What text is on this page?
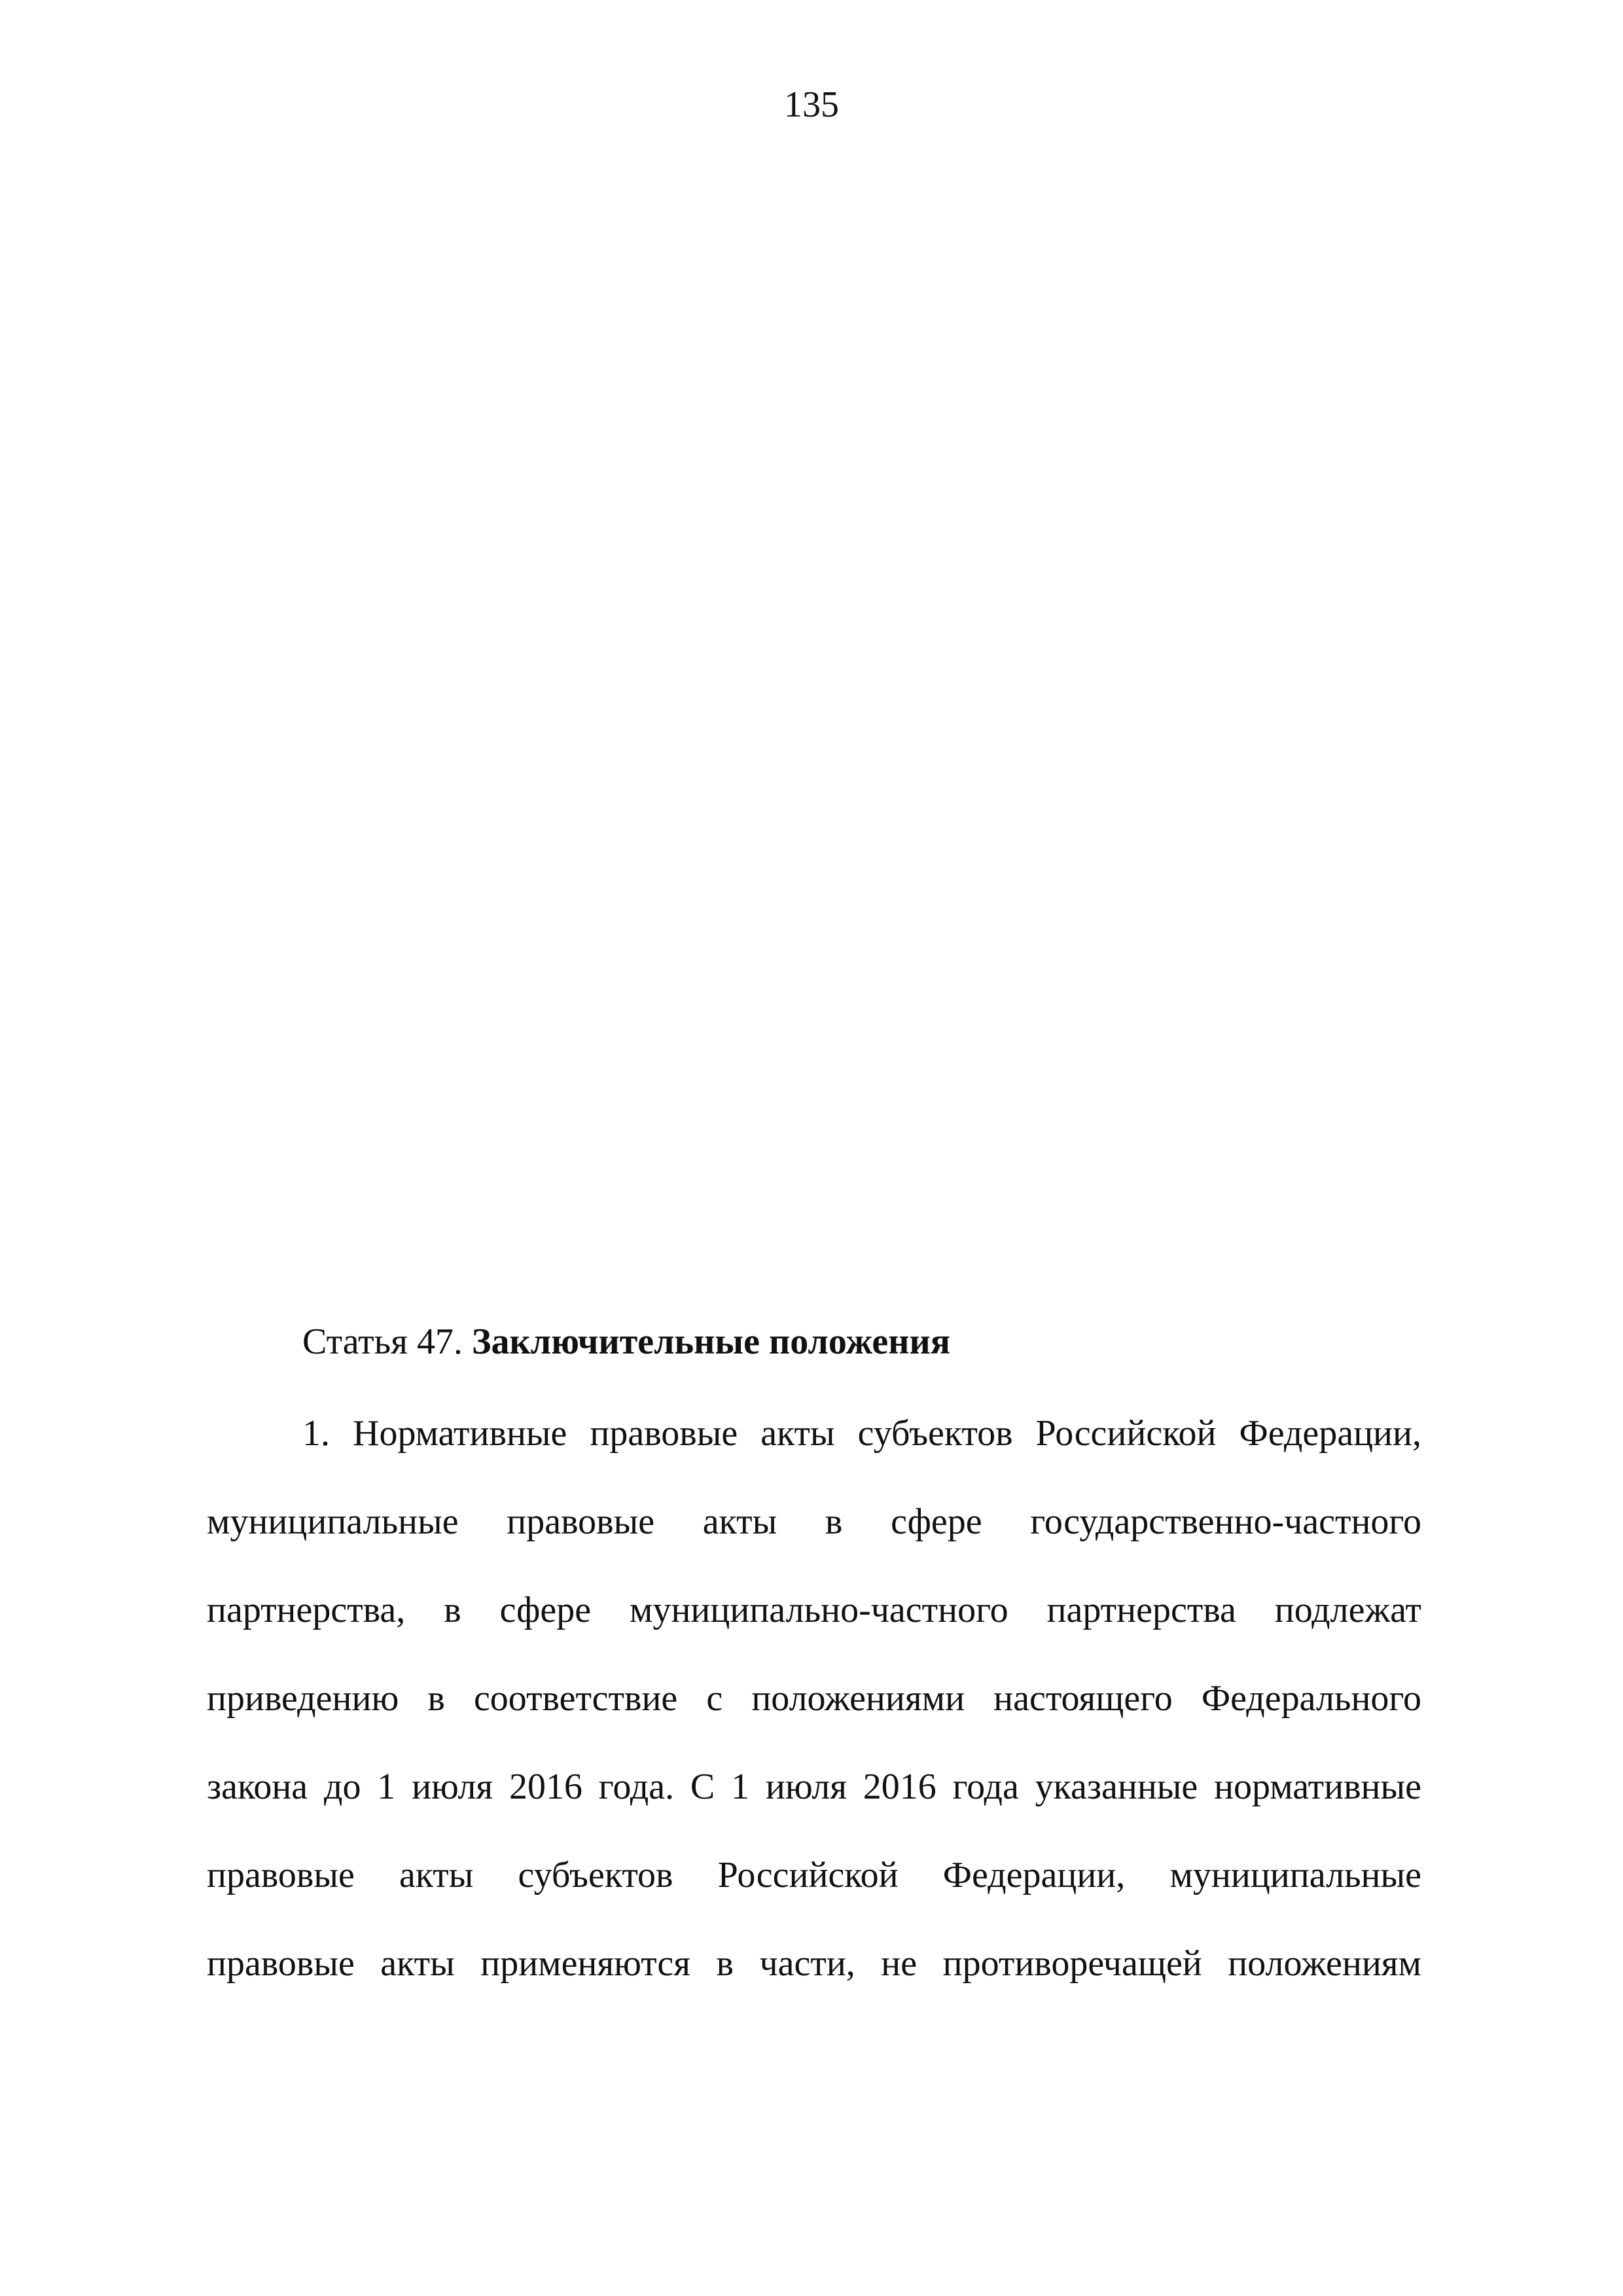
135
Статья 47. Заключительные положения
1. Нормативные правовые акты субъектов Российской Федерации,
муниципальные правовые акты в сфере государственно-частного
партнерства, в сфере муниципально-частного партнерства подлежат
приведению в соответствие с положениями настоящего Федерального
закона до 1 июля 2016 года. С 1 июля 2016 года указанные нормативные
правовые акты субъектов Российской Федерации, муниципальные
правовые акты применяются в части, не противоречащей положениям
